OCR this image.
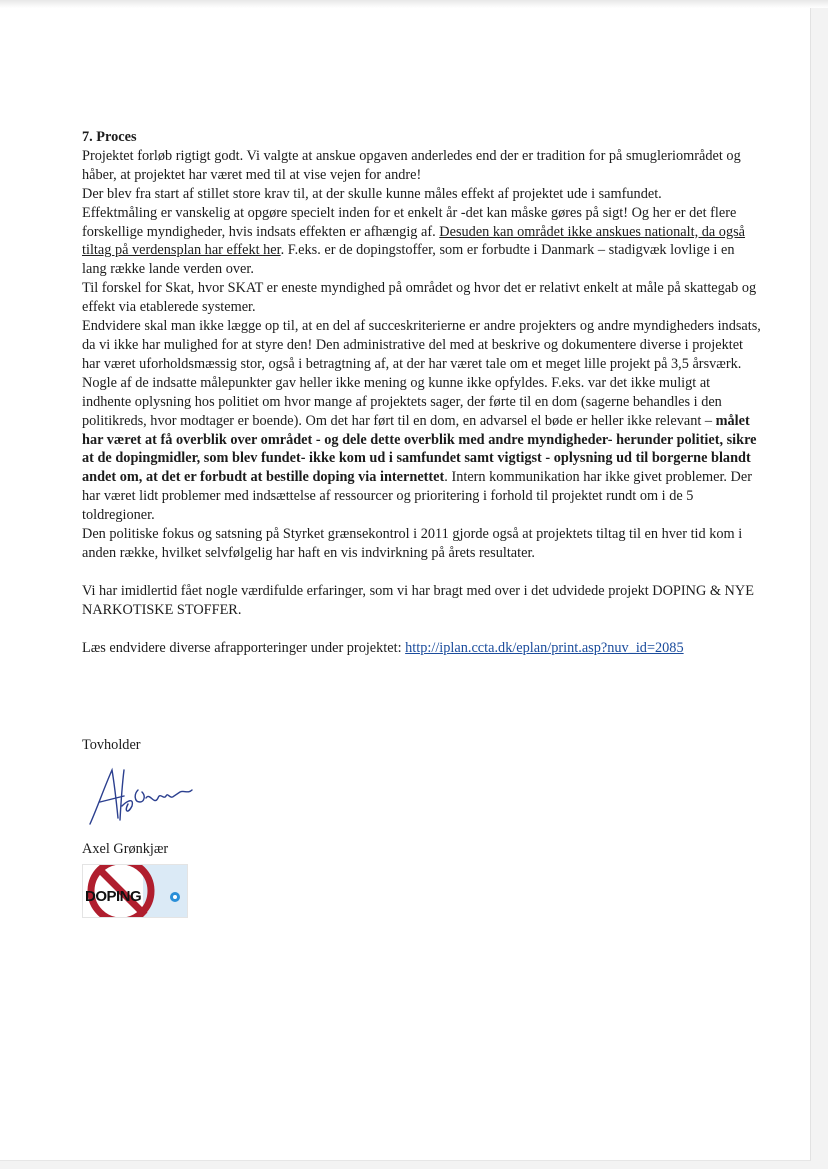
7. Proces

Projektet forløb rigtigt godt. Vi valgte at anskue opgaven anderledes end der er tradition for på smugleriområdet og håber, at projektet har været med til at vise vejen for andre!

Der blev fra start af stillet store krav til, at der skulle kunne måles effekt af projektet ude i samfundet.

Effektmåling er vanskelig at opgøre specielt inden for et enkelt år -det kan måske gøres på sigt! Og her er det flere forskellige myndigheder, hvis indsats effekten er afhængig af. Desuden kan området ikke anskues nationalt, da også tiltag på verdensplan har effekt her. F.eks. er de dopingstoffer, som er forbudte i Danmark – stadigvæk lovlige i en lang række lande verden over.

Til forskel for Skat, hvor SKAT er eneste myndighed på området og hvor det er relativt enkelt at måle på skattegab og effekt via etablerede systemer.

Endvidere skal man ikke lægge op til, at en del af succeskriterierne er andre projekters og andre myndigheders indsats, da vi ikke har mulighed for at styre den! Den administrative del med at beskrive og dokumentere diverse i projektet har været uforholdsmæssig stor, også i betragtning af, at der har været tale om et meget lille projekt på 3,5 årsværk. Nogle af de indsatte målepunkter gav heller ikke mening og kunne ikke opfyldes. F.eks. var det ikke muligt at indhente oplysning hos politiet om hvor mange af projektets sager, der førte til en dom (sagerne behandles i den politikreds, hvor modtager er boende). Om det har ført til en dom, en advarsel el bøde er heller ikke relevant – målet har været at få overblik over området - og dele dette overblik med andre myndigheder- herunder politiet, sikre at de dopingmidler, som blev fundet- ikke kom ud i samfundet samt vigtigst - oplysning ud til borgerne blandt andet om, at det er forbudt at bestille doping via internettet. Intern kommunikation har ikke givet problemer. Der har været lidt problemer med indsættelse af ressourcer og prioritering i forhold til projektet rundt om i de 5 toldregioner.

Den politiske fokus og satsning på Styrket grænsekontrol i 2011 gjorde også at projektets tiltag til en hver tid kom i anden række, hvilket selvfølgelig har haft en vis indvirkning på årets resultater.

Vi har imidlertid fået nogle værdifulde erfaringer, som vi har bragt med over i det udvidede projekt DOPING & NYE NARKOTISKE STOFFER.

Læs endvidere diverse afrapporteringer under projektet: http://iplan.ccta.dk/eplan/print.asp?nuv_id=2085

Tovholder

Axel Grønkjær

DOPING
